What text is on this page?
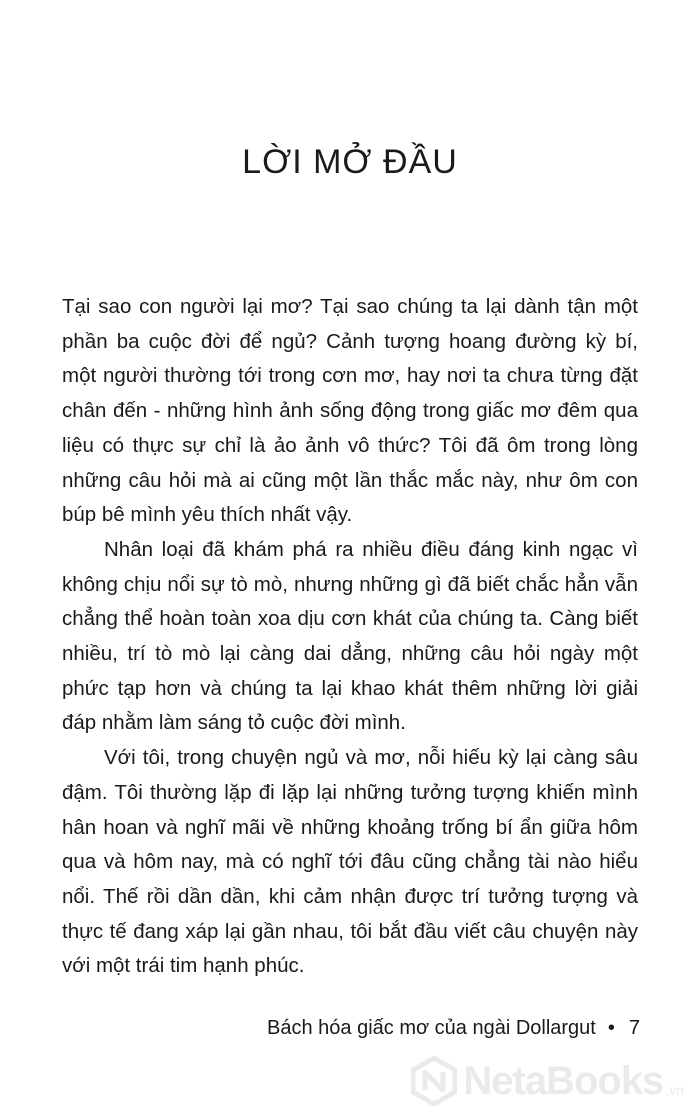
LỜI MỞ ĐẦU

Tại sao con người lại mơ? Tại sao chúng ta lại dành tận một phần ba cuộc đời để ngủ? Cảnh tượng hoang đường kỳ bí, một người thường tới trong cơn mơ, hay nơi ta chưa từng đặt chân đến - những hình ảnh sống động trong giấc mơ đêm qua liệu có thực sự chỉ là ảo ảnh vô thức? Tôi đã ôm trong lòng những câu hỏi mà ai cũng một lần thắc mắc này, như ôm con búp bê mình yêu thích nhất vậy.

Nhân loại đã khám phá ra nhiều điều đáng kinh ngạc vì không chịu nổi sự tò mò, nhưng những gì đã biết chắc hẳn vẫn chẳng thể hoàn toàn xoa dịu cơn khát của chúng ta. Càng biết nhiều, trí tò mò lại càng dai dẳng, những câu hỏi ngày một phức tạp hơn và chúng ta lại khao khát thêm những lời giải đáp nhằm làm sáng tỏ cuộc đời mình.

Với tôi, trong chuyện ngủ và mơ, nỗi hiếu kỳ lại càng sâu đậm. Tôi thường lặp đi lặp lại những tưởng tượng khiến mình hân hoan và nghĩ mãi về những khoảng trống bí ẩn giữa hôm qua và hôm nay, mà có nghĩ tới đâu cũng chẳng tài nào hiểu nổi. Thế rồi dần dần, khi cảm nhận được trí tưởng tượng và thực tế đang xáp lại gần nhau, tôi bắt đầu viết câu chuyện này với một trái tim hạnh phúc.

Bách hóa giấc mơ của ngài Dollargut • 7
NetaBooks .vn
